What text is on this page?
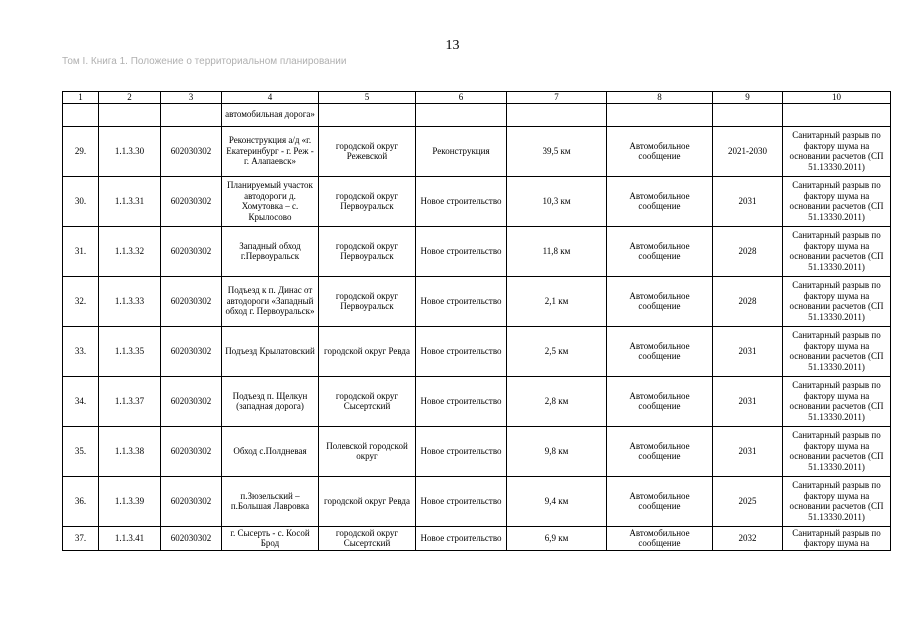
13
Том I. Книга 1. Положение о территориальном планировании
1	2	3	4	5	6	7	8	9	10
			автомобильная дорога»						
29.	1.1.3.30	602030302	Реконструкция а/д «г. Екатеринбург - г. Реж - г. Алапаевск»	городской округ Режевской	Реконструкция	39,5 км	Автомобильное сообщение	2021-2030	Санитарный разрыв по фактору шума на основании расчетов (СП 51.13330.2011)
30.	1.1.3.31	602030302	Планируемый участок автодороги д. Хомутовка – с. Крылосово	городской округ Первоуральск	Новое строительство	10,3 км	Автомобильное сообщение	2031	Санитарный разрыв по фактору шума на основании расчетов (СП 51.13330.2011)
31.	1.1.3.32	602030302	Западный обход г.Первоуральск	городской округ Первоуральск	Новое строительство	11,8 км	Автомобильное сообщение	2028	Санитарный разрыв по фактору шума на основании расчетов (СП 51.13330.2011)
32.	1.1.3.33	602030302	Подъезд к п. Динас от автодороги «Западный обход г. Первоуральск»	городской округ Первоуральск	Новое строительство	2,1 км	Автомобильное сообщение	2028	Санитарный разрыв по фактору шума на основании расчетов (СП 51.13330.2011)
33.	1.1.3.35	602030302	Подъезд Крылатовский	городской округ Ревда	Новое строительство	2,5 км	Автомобильное сообщение	2031	Санитарный разрыв по фактору шума на основании расчетов (СП 51.13330.2011)
34.	1.1.3.37	602030302	Подъезд п. Щелкун (западная дорога)	городской округ Сысертский	Новое строительство	2,8 км	Автомобильное сообщение	2031	Санитарный разрыв по фактору шума на основании расчетов (СП 51.13330.2011)
35.	1.1.3.38	602030302	Обход с.Полдневая	Полевской городской округ	Новое строительство	9,8 км	Автомобильное сообщение	2031	Санитарный разрыв по фактору шума на основании расчетов (СП 51.13330.2011)
36.	1.1.3.39	602030302	п.Зюзельский – п.Большая Лавровка	городской округ Ревда	Новое строительство	9,4 км	Автомобильное сообщение	2025	Санитарный разрыв по фактору шума на основании расчетов (СП 51.13330.2011)
37.	1.1.3.41	602030302	г. Сысерть - с. Косой Брод	городской округ Сысертский	Новое строительство	6,9 км	Автомобильное сообщение	2032	Санитарный разрыв по фактору шума на
